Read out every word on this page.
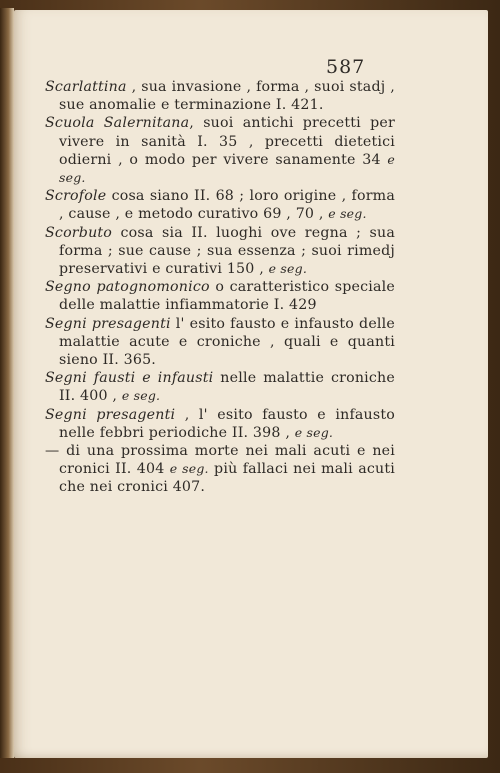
587

Scarlattina , sua invasione , forma , suoi stadj , sue anomalie e terminazione I. 421.

Scuola Salernitana, suoi antichi precetti per vivere in sanità I. 35 , precetti dietetici odierni , o modo per vivere sanamente 34 e seg.

Scrofole cosa siano II. 68 ; loro origine , forma , cause , e metodo curativo 69 , 70 , e seg.

Scorbuto cosa sia II. luoghi ove regna ; sua forma ; sue cause ; sua essenza ; suoi rimedj preservativi e curativi 150 , e seg.

Segno patognomonico o caratteristico speciale delle malattie infiammatorie I. 429

Segni presagenti l' esito fausto e infausto delle malattie acute e croniche , quali e quanti sieno II. 365.

Segni fausti e infausti nelle malattie croniche II. 400 , e seg.

Segni presagenti , l' esito fausto e infausto nelle febbri periodiche II. 398 , e seg.

— di una prossima morte nei mali acuti e nei cronici II. 404 e seg. più fallaci nei mali acuti che nei cronici 407.
